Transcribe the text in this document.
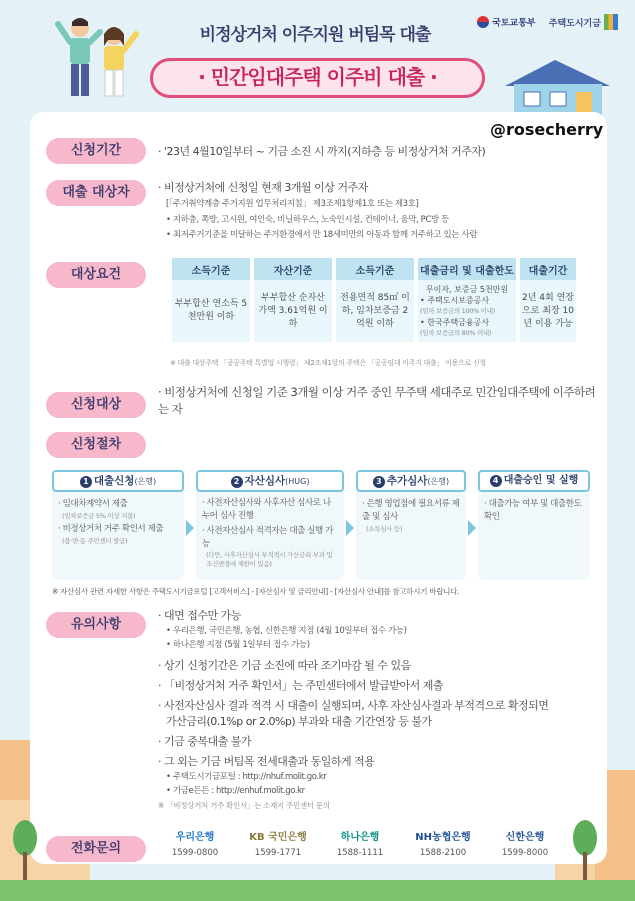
비정상거처 이주지원 버팀목 대출
· 민간임대주택 이주비 대출 ·
국토교통부 주택도시기금
@rosecherry
신청기간	· '23년 4월10일부터 ~ 기금 소진 시 까지(지하층 등 비정상거처 거주자)
대출 대상자	· 비정상거처에 신청일 현재 3개월 이상 거주자
[「주거취약계층 주거지원 업무처리지침」 제3조제1항제1호 또는 제3호]
• 지하층, 쪽방, 고시원, 여인숙, 비닐하우스, 노숙인시설, 컨테이너, 움막, PC방 등
• 최저주거기준을 미달하는 주거환경에서 만 18세미만의 아동과 함께 거주하고 있는 사람
대상요건	소득기준	자산기준	소득기준	대출금리 및 대출한도	대출기간
부부합산 연소득 5천만원 이하	부부합산 순자산 가액 3.61억원 이하	전용면적 85㎡ 이하, 임차보증금 2억원 이하	무이자, 보증금 5천만원
• 주택도시보증공사
(임차 보증금의 100% 이내)
• 한국주택금융공사
(임차 보증금의 80% 이내)	2년 4회 연장으로 최장 10년 이용 가능
※ 대출 대상주택 「공공주택 특별법 시행령」 제2조제1항의 주택은 「공공임대 이주지 대출」 이용으로 신청
신청대상
· 비정상거처에 신청일 기준 3개월 이상 거주 중인 무주택 세대주로 민간임대주택에 이주하려는 자
신청절차
1 대출신청(은행)
· 임대차계약서 제출
(임차보증금 5% 이상 지불)
· 비정상거처 거주 확인서 제출
(읍·면·동 주민센터 발급)
2 자산심사(HUG)
· 사전자산심사와 사후자산 심사로 나누어 심사 진행
· 사전자산심사 적격자는 대출 실행 가능
(다만, 사후자산심사 부적격시 가산금리 부과 및 조건변경에 제한이 있음)
3 추가심사(은행)
· 은행 영업점에 필요서류 제출 및 심사
(소득심사 등)
4 대출승인 및 실행
· 대출가능 여부 및 대출한도 확인
※ 자산심사 관련 자세한 사항은 주택도시기금포털 [고객서비스] - [자산심사 및 금리안내] - [자산심사 안내]를 참고하시기 바랍니다.
유의사항
· 대면 접수만 가능
• 우리은행, 국민은행, 농협, 신한은행 지점 (4월 10일부터 접수 가능)
• 하나은행 지점 (5월 1일부터 접수 가능)
· 상기 신청기간은 기금 소진에 따라 조기마감 될 수 있음
· 「비정상거처 거주 확인서」는 주민센터에서 발급받아서 제출
· 사전자산심사 결과 적격 시 대출이 실행되며, 사후 자산심사결과 부적격으로 확정되면
가산금리(0.1%p or 2.0%p) 부과와 대출 기간연장 등 불가
· 기금 중복대출 불가
· 그 외는 기금 버팀목 전세대출과 동일하게 적용
• 주택도시기금포털 : http://nhuf.molit.go.kr
• 기금e든든 : http://enhuf.molit.go.kr
※ 「비정상거처 거주 확인서」는 소재지 주민센터 문의
전화문의
우리은행
1599-0800
KB 국민은행
1599-1771
하나은행
1588-1111
NH농협은행
1588-2100
신한은행
1599-8000
